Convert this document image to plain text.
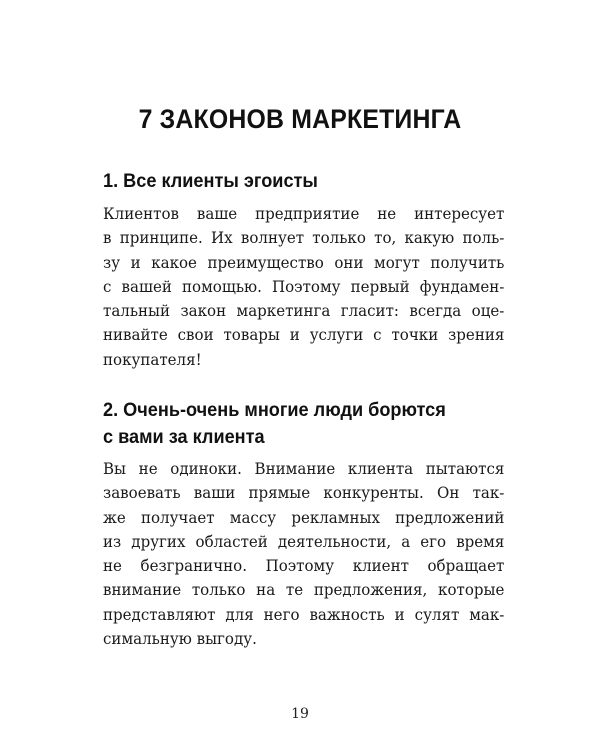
7 ЗАКОНОВ МАРКЕТИНГА
1. Все клиенты эгоисты
Клиентов ваше предприятие не интересует
в принципе. Их волнует только то, какую поль-
зу и какое преимущество они могут получить
с вашей помощью. Поэтому первый фундамен-
тальный закон маркетинга гласит: всегда оце-
нивайте свои товары и услуги с точки зрения
покупателя!
2. Очень-очень многие люди борются
с вами за клиента
Вы не одиноки. Внимание клиента пытаются
завоевать ваши прямые конкуренты. Он так-
же получает массу рекламных предложений
из других областей деятельности, а его время
не безгранично. Поэтому клиент обращает
внимание только на те предложения, которые
представляют для него важность и сулят мак-
симальную выгоду.

19
